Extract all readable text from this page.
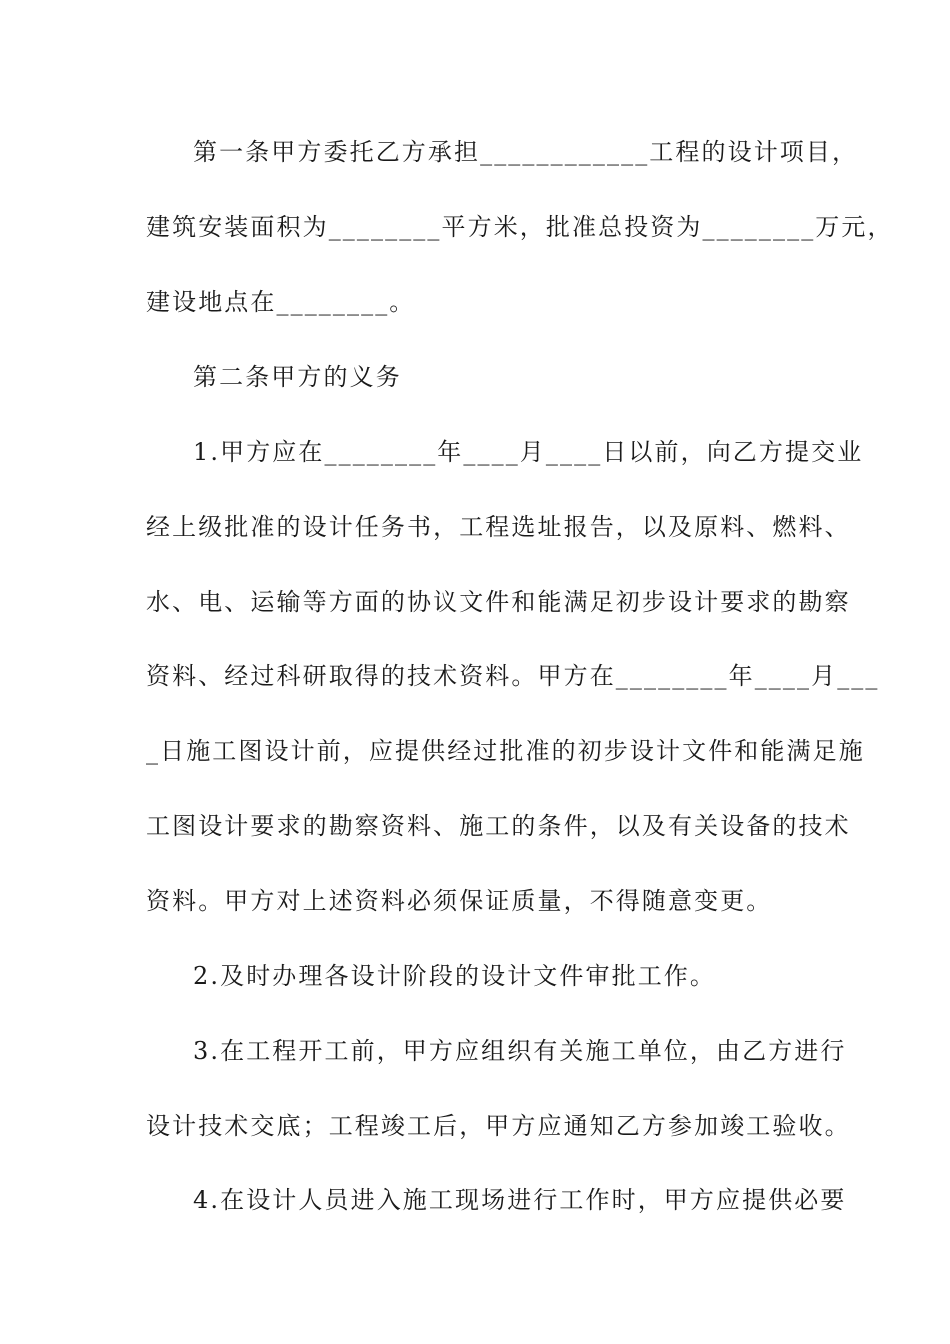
第一条甲方委托乙方承担____________工程的设计项目，
建筑安装面积为________平方米，批准总投资为________万元，
建设地点在________。
第二条甲方的义务
1.甲方应在________年____月____日以前，向乙方提交业
经上级批准的设计任务书，工程选址报告，以及原料、燃料、
水、电、运输等方面的协议文件和能满足初步设计要求的勘察
资料、经过科研取得的技术资料。甲方在________年____月___
_日施工图设计前，应提供经过批准的初步设计文件和能满足施
工图设计要求的勘察资料、施工的条件，以及有关设备的技术
资料。甲方对上述资料必须保证质量，不得随意变更。
2.及时办理各设计阶段的设计文件审批工作。
3.在工程开工前，甲方应组织有关施工单位，由乙方进行
设计技术交底；工程竣工后，甲方应通知乙方参加竣工验收。
4.在设计人员进入施工现场进行工作时，甲方应提供必要
